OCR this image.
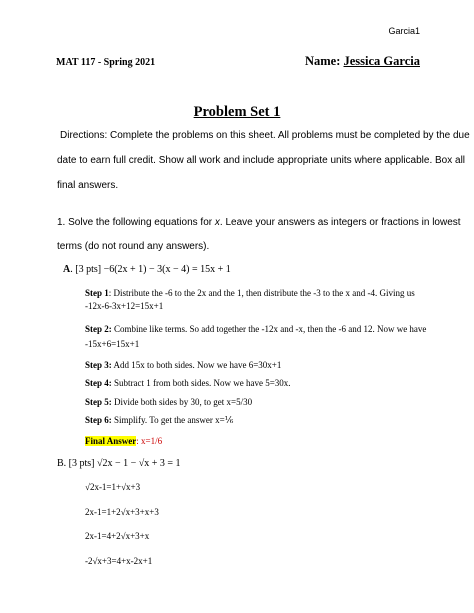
Garcia1
MAT 117 - Spring 2021	Name: Jessica Garcia
Problem Set 1
Directions: Complete the problems on this sheet. All problems must be completed by the due
date to earn full credit. Show all work and include appropriate units where applicable. Box all
final answers.
1. Solve the following equations for x. Leave your answers as integers or fractions in lowest
terms (do not round any answers).
A. [3 pts] −6(2x + 1) − 3(x − 4) = 15x + 1
Step 1: Distribute the -6 to the 2x and the 1, then distribute the -3 to the x and -4. Giving us
-12x-6-3x+12=15x+1
Step 2: Combine like terms. So add together the -12x and -x, then the -6 and 12. Now we have
-15x+6=15x+1
Step 3: Add 15x to both sides. Now we have 6=30x+1
Step 4: Subtract 1 from both sides. Now we have 5=30x.
Step 5: Divide both sides by 30, to get x=5/30
Step 6: Simplify. To get the answer x=⅙
Final Answer: x=1/6
B. [3 pts] √2x − 1 − √x + 3 = 1
√2x-1=1+√x+3
2x-1=1+2√x+3+x+3
2x-1=4+2√x+3+x
-2√x+3=4+x-2x+1
